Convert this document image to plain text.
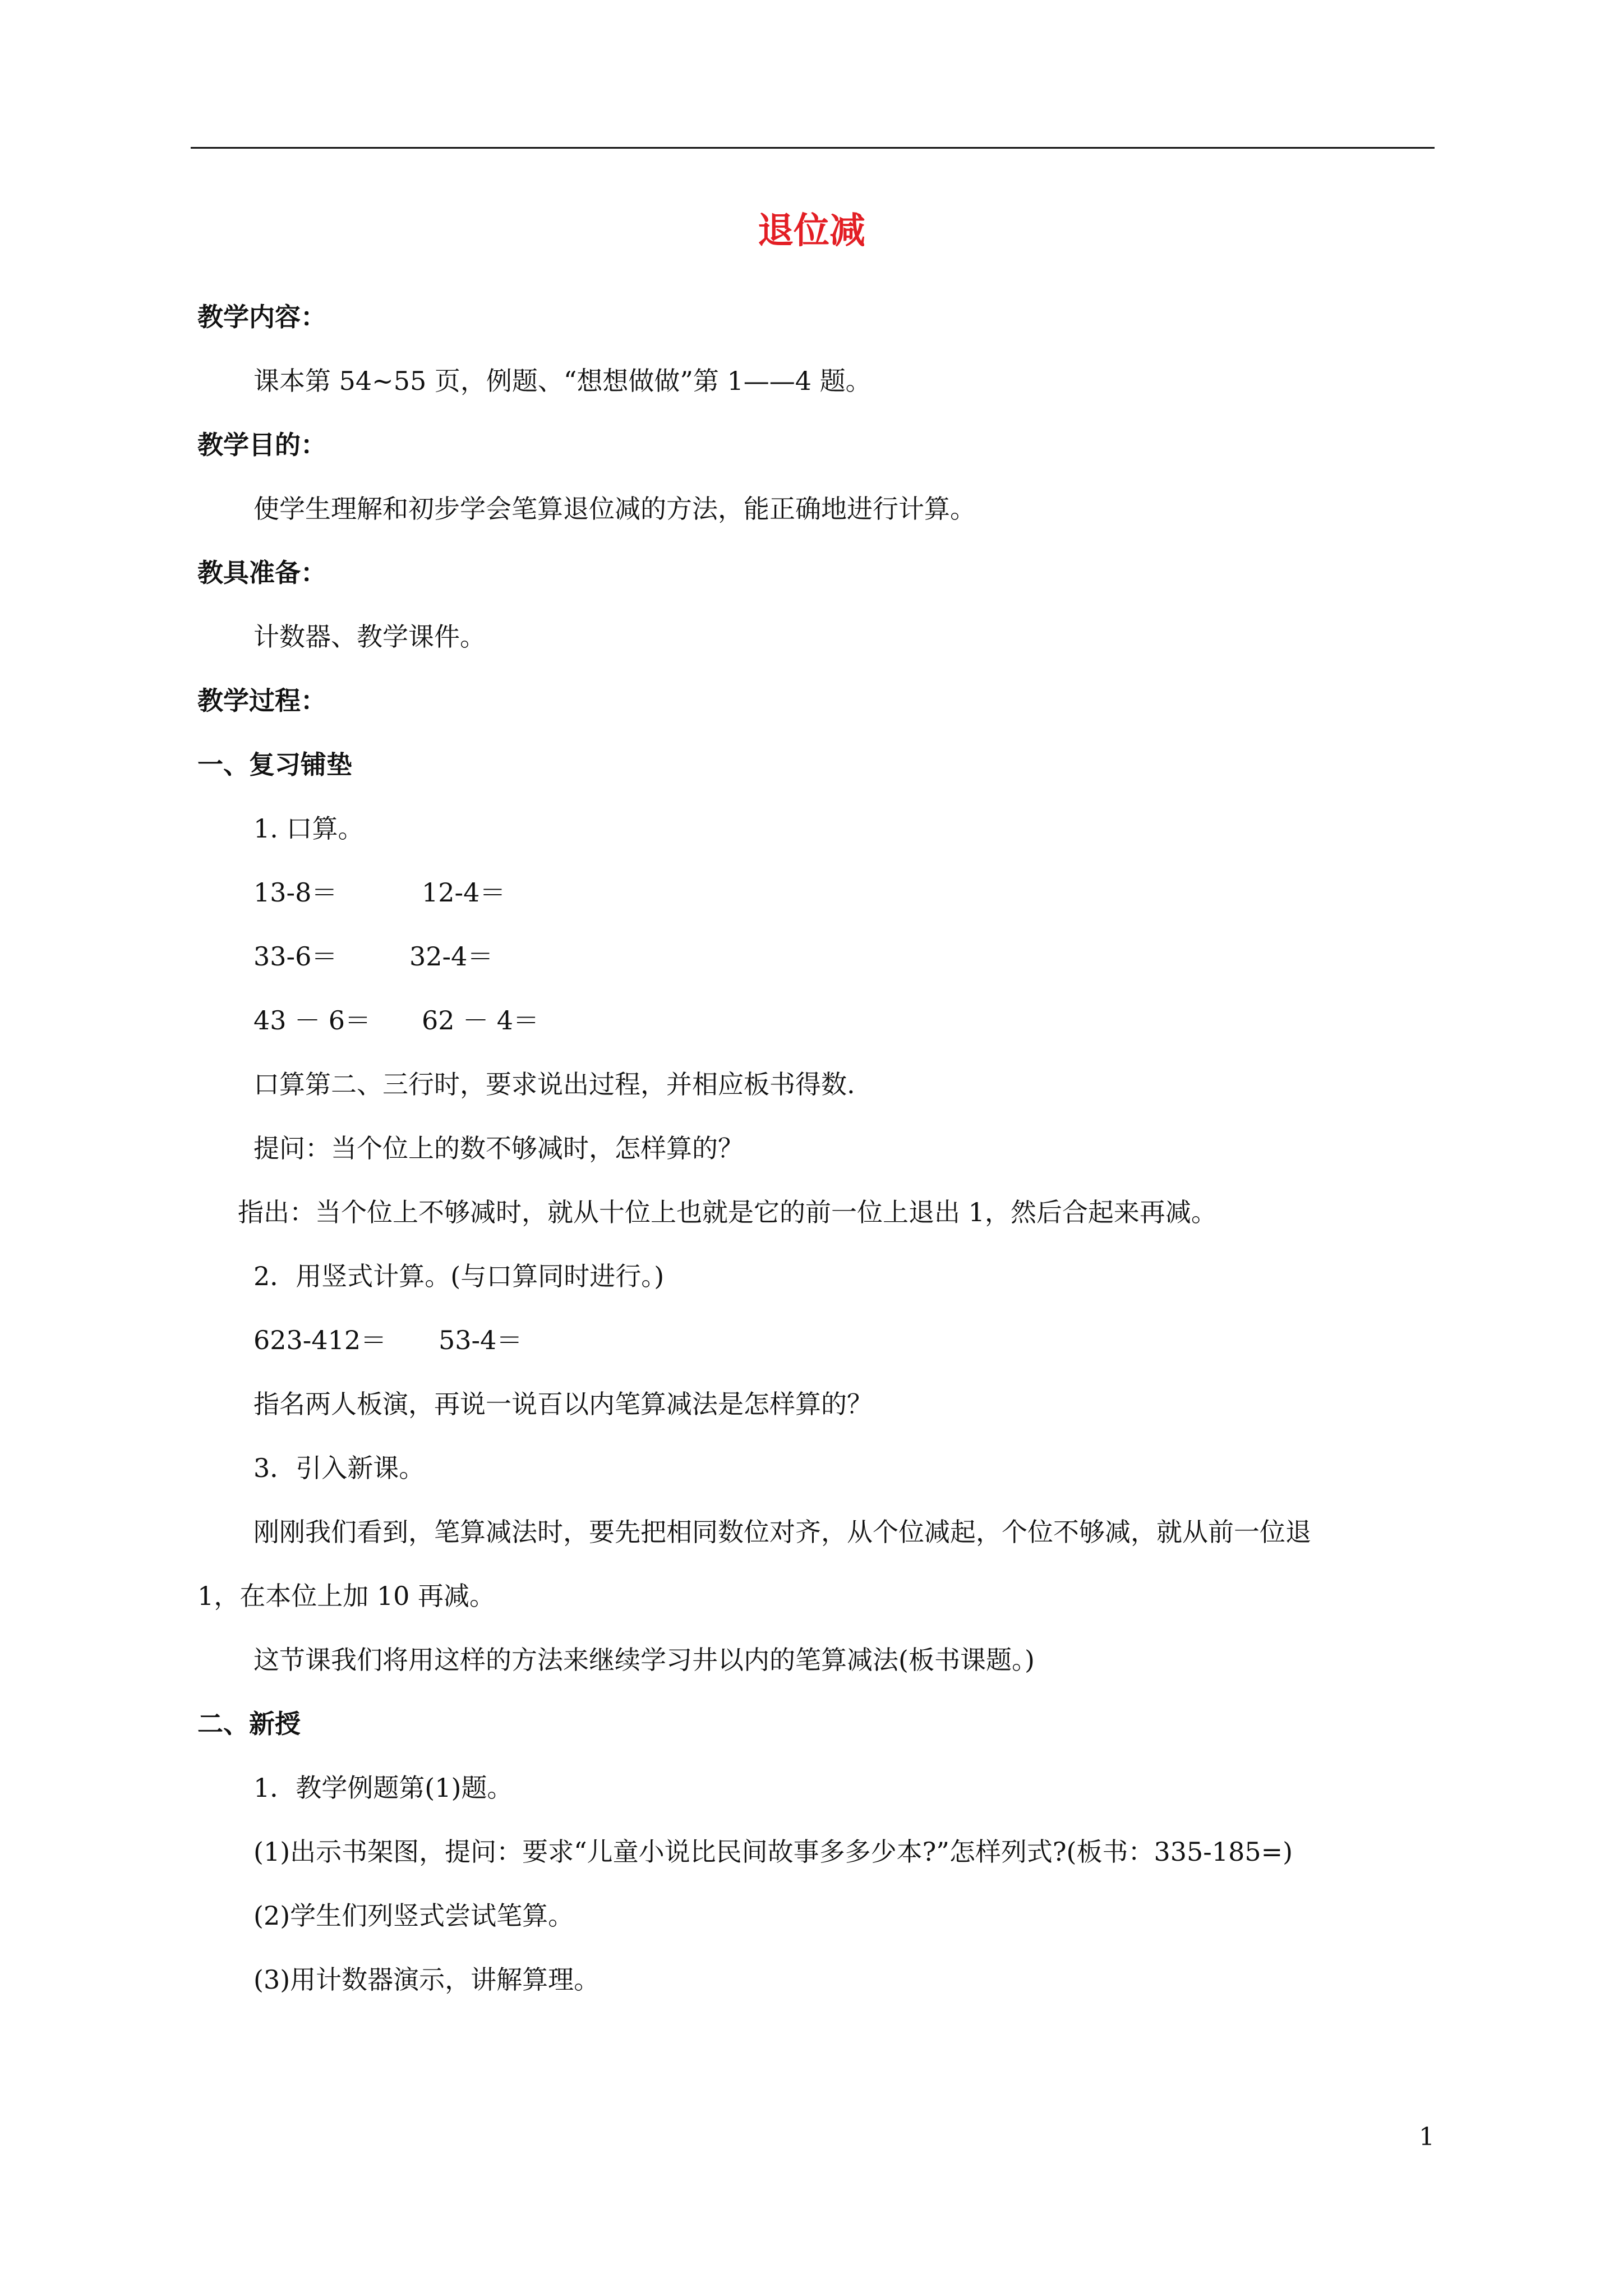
退位减
教学内容：
课本第 54~55 页，例题、“想想做做”第 1——4 题。
教学目的：
使学生理解和初步学会笔算退位减的方法，能正确地进行计算。
教具准备：
计数器、教学课件。
教学过程：
一、复习铺垫
1. 口算。
13-8＝	12-4＝
33-6＝	32-4＝
43 － 6＝ 62 － 4＝
口算第二、三行时，要求说出过程，并相应板书得数.
提问：当个位上的数不够减时，怎样算的？
指出：当个位上不够减时，就从十位上也就是它的前一位上退出 1，然后合起来再减。
2．用竖式计算。(与口算同时进行。)
623-412＝ 53-4＝
指名两人板演，再说一说百以内笔算减法是怎样算的？
3．引入新课。
刚刚我们看到，笔算减法时，要先把相同数位对齐，从个位减起，个位不够减，就从前一位退
1，在本位上加 10 再减。
这节课我们将用这样的方法来继续学习井以内的笔算减法(板书课题。)
二、新授
1．教学例题第(1)题。
(1)出示书架图，提问：要求“儿童小说比民间故事多多少本?”怎样列式?(板书：335-185=)
(2)学生们列竖式尝试笔算。
(3)用计数器演示，讲解算理。
1
